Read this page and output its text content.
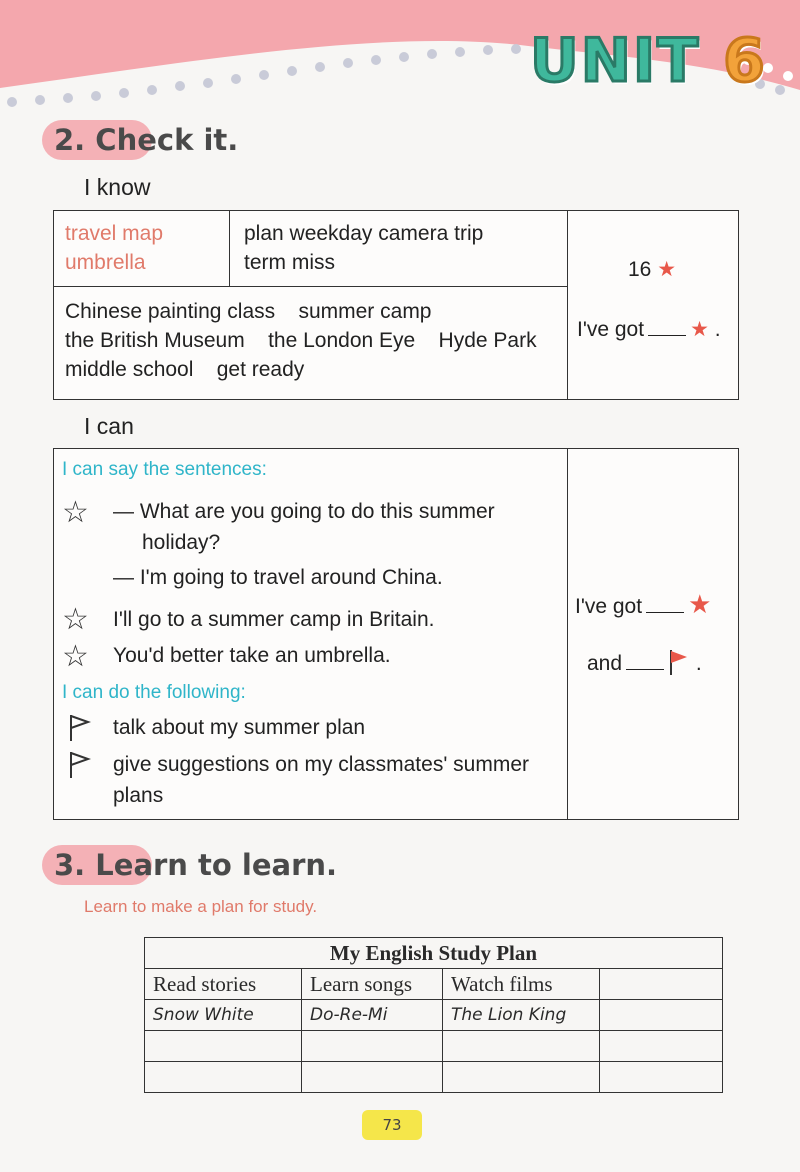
UNIT 6
2. Check it.
I know
travel map
umbrella
plan weekday camera trip
term miss
Chinese painting class    summer camp
the British Museum    the London Eye    Hyde Park
middle school    get ready
16 ★
I've got ★ .
I can
I can say the sentences:
☆ — What are you going to do this summer
holiday?
— I'm going to travel around China.
☆ I'll go to a summer camp in Britain.
☆ You'd better take an umbrella.
I can do the following:
talk about my summer plan
give suggestions on my classmates' summer
plans
I've got ★
and	.
3. Learn to learn.
Learn to make a plan for study.
My English Study Plan			
Read stories	Learn songs	Watch films	
Snow White	Do-Re-Mi	The Lion King	

73
